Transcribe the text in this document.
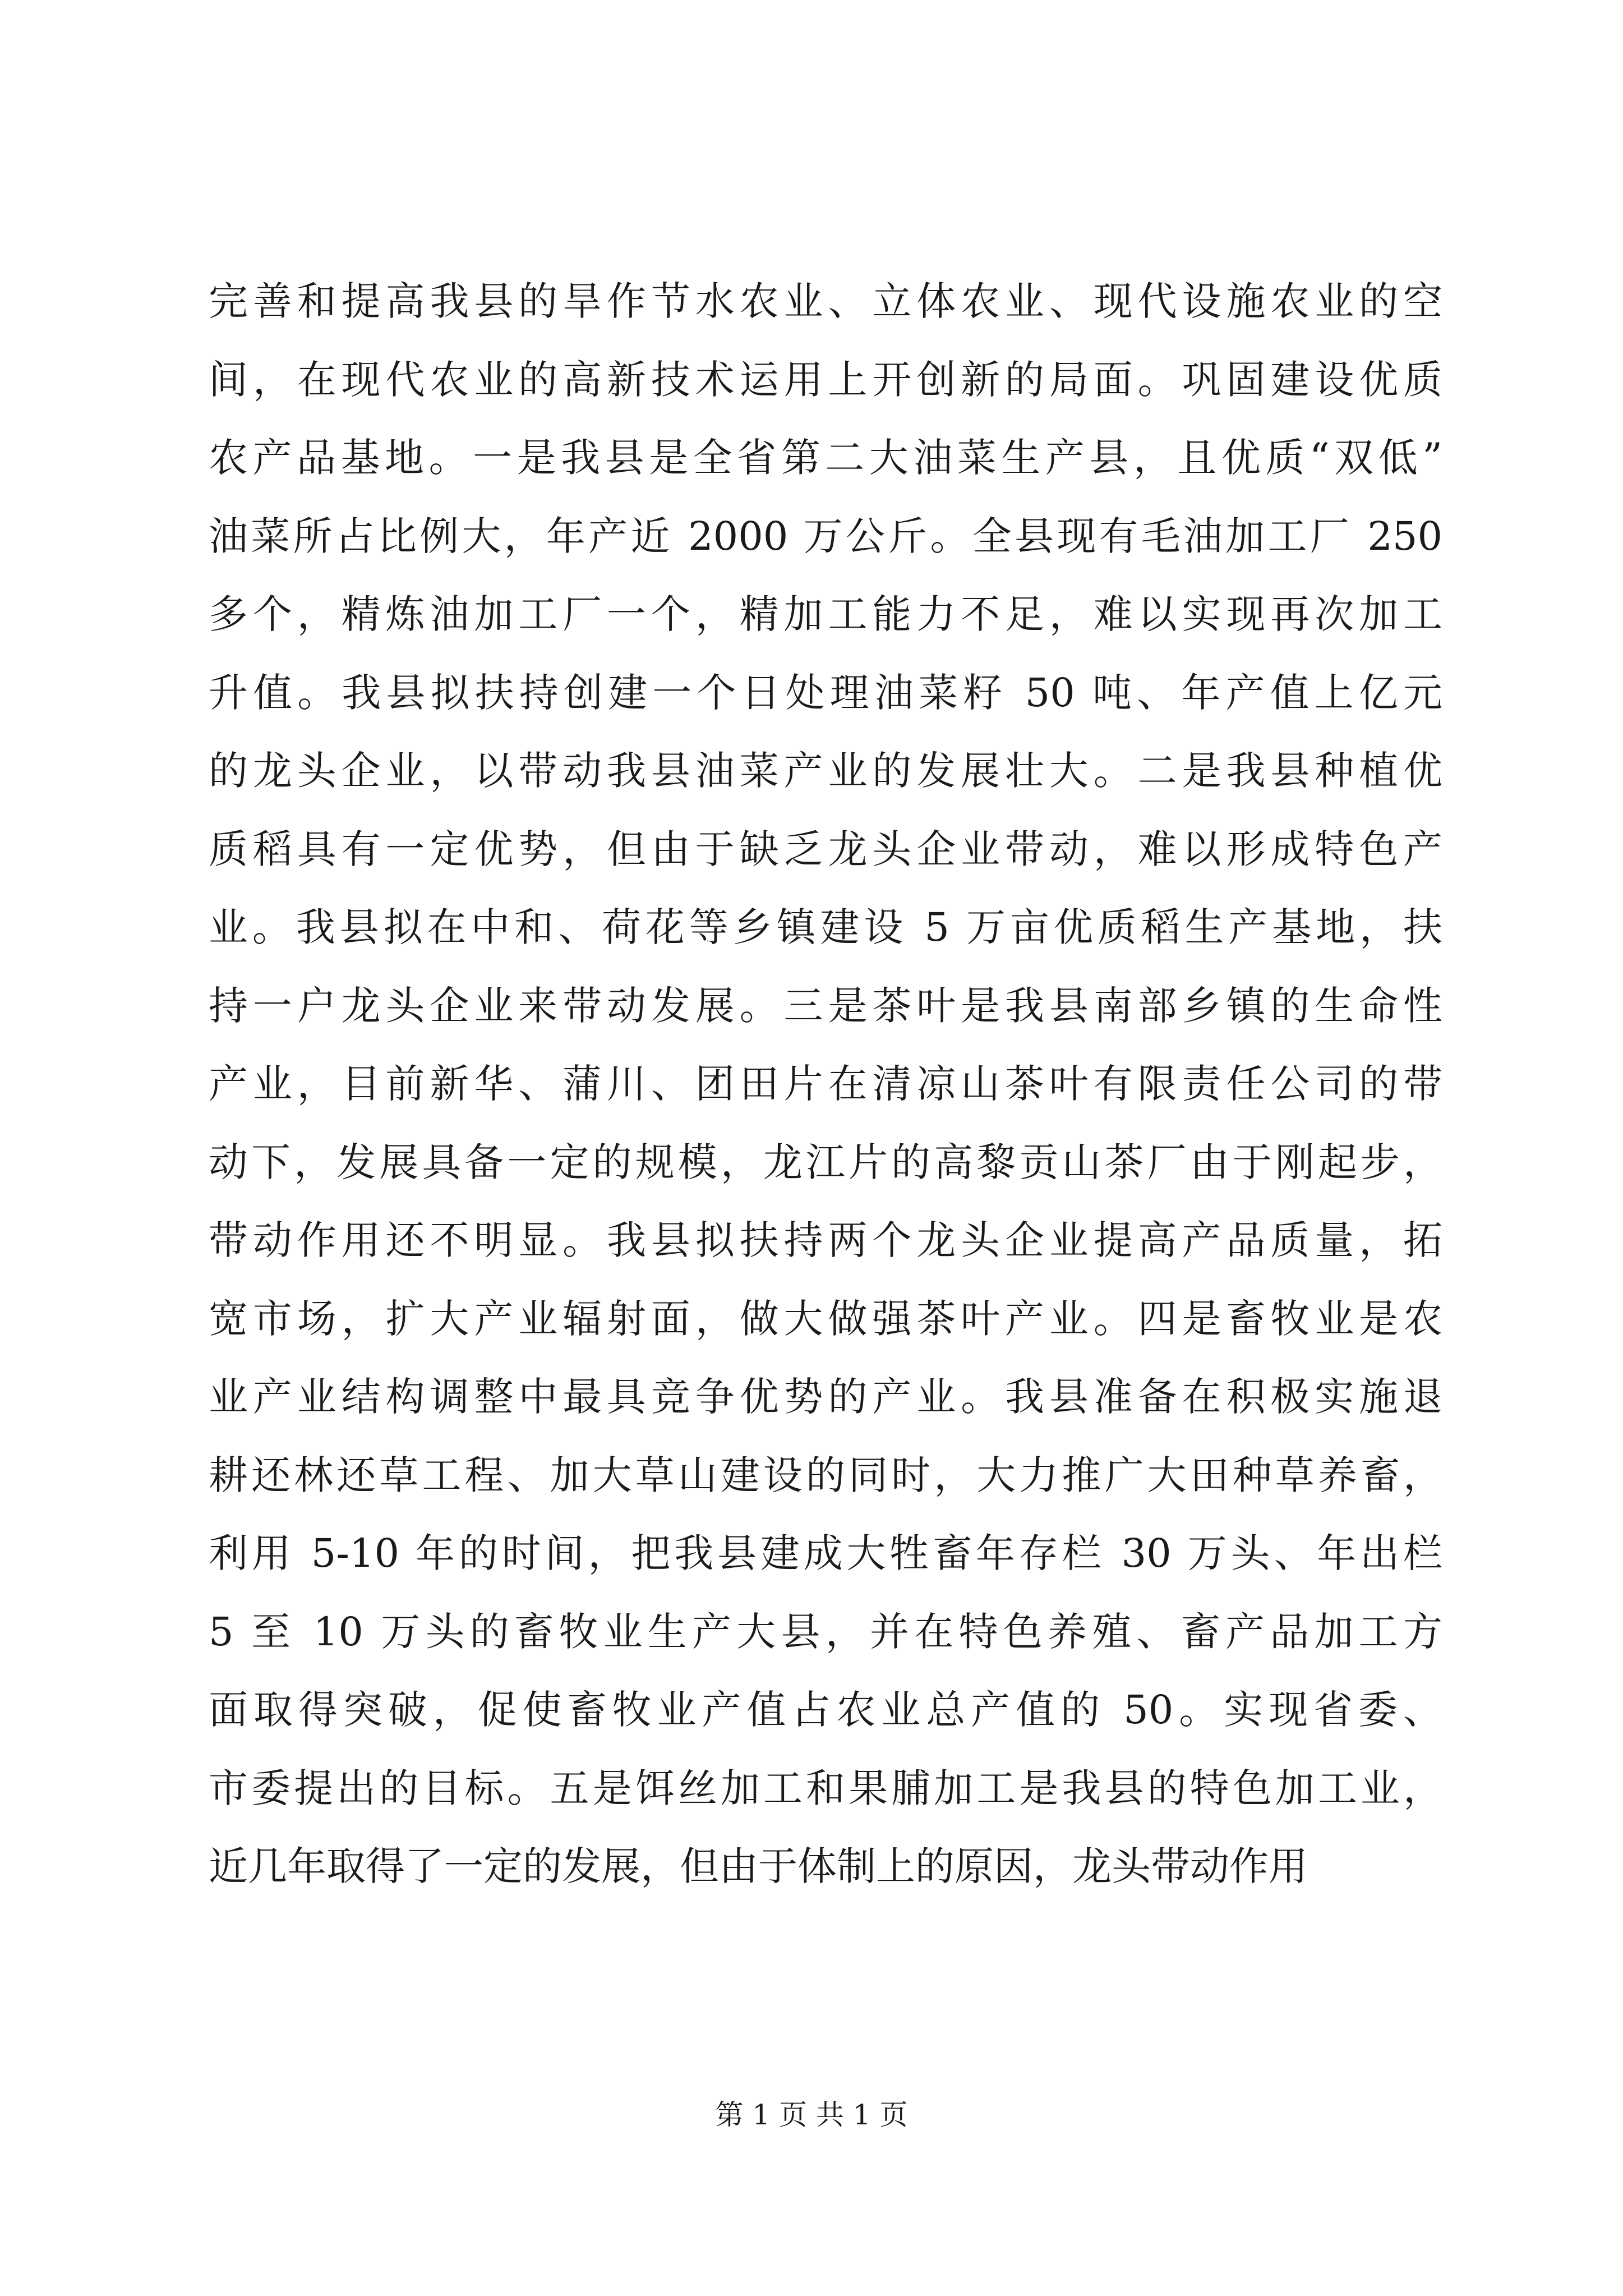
完善和提高我县的旱作节水农业、立体农业、现代设施农业的空
间，在现代农业的高新技术运用上开创新的局面。巩固建设优质
农产品基地。一是我县是全省第二大油菜生产县，且优质“双低”
油菜所占比例大，年产近 2000 万公斤。全县现有毛油加工厂 250
多个，精炼油加工厂一个，精加工能力不足，难以实现再次加工
升值。我县拟扶持创建一个日处理油菜籽 50 吨、年产值上亿元
的龙头企业，以带动我县油菜产业的发展壮大。二是我县种植优
质稻具有一定优势，但由于缺乏龙头企业带动，难以形成特色产
业。我县拟在中和、荷花等乡镇建设 5 万亩优质稻生产基地，扶
持一户龙头企业来带动发展。三是茶叶是我县南部乡镇的生命性
产业，目前新华、蒲川、团田片在清凉山茶叶有限责任公司的带
动下，发展具备一定的规模，龙江片的高黎贡山茶厂由于刚起步，
带动作用还不明显。我县拟扶持两个龙头企业提高产品质量，拓
宽市场，扩大产业辐射面，做大做强茶叶产业。四是畜牧业是农
业产业结构调整中最具竞争优势的产业。我县准备在积极实施退
耕还林还草工程、加大草山建设的同时，大力推广大田种草养畜，
利用 5-10 年的时间，把我县建成大牲畜年存栏 30 万头、年出栏
5 至 10 万头的畜牧业生产大县，并在特色养殖、畜产品加工方
面取得突破，促使畜牧业产值占农业总产值的 50。实现省委、
市委提出的目标。五是饵丝加工和果脯加工是我县的特色加工业，
近几年取得了一定的发展，但由于体制上的原因，龙头带动作用
第 1 页 共 1 页
